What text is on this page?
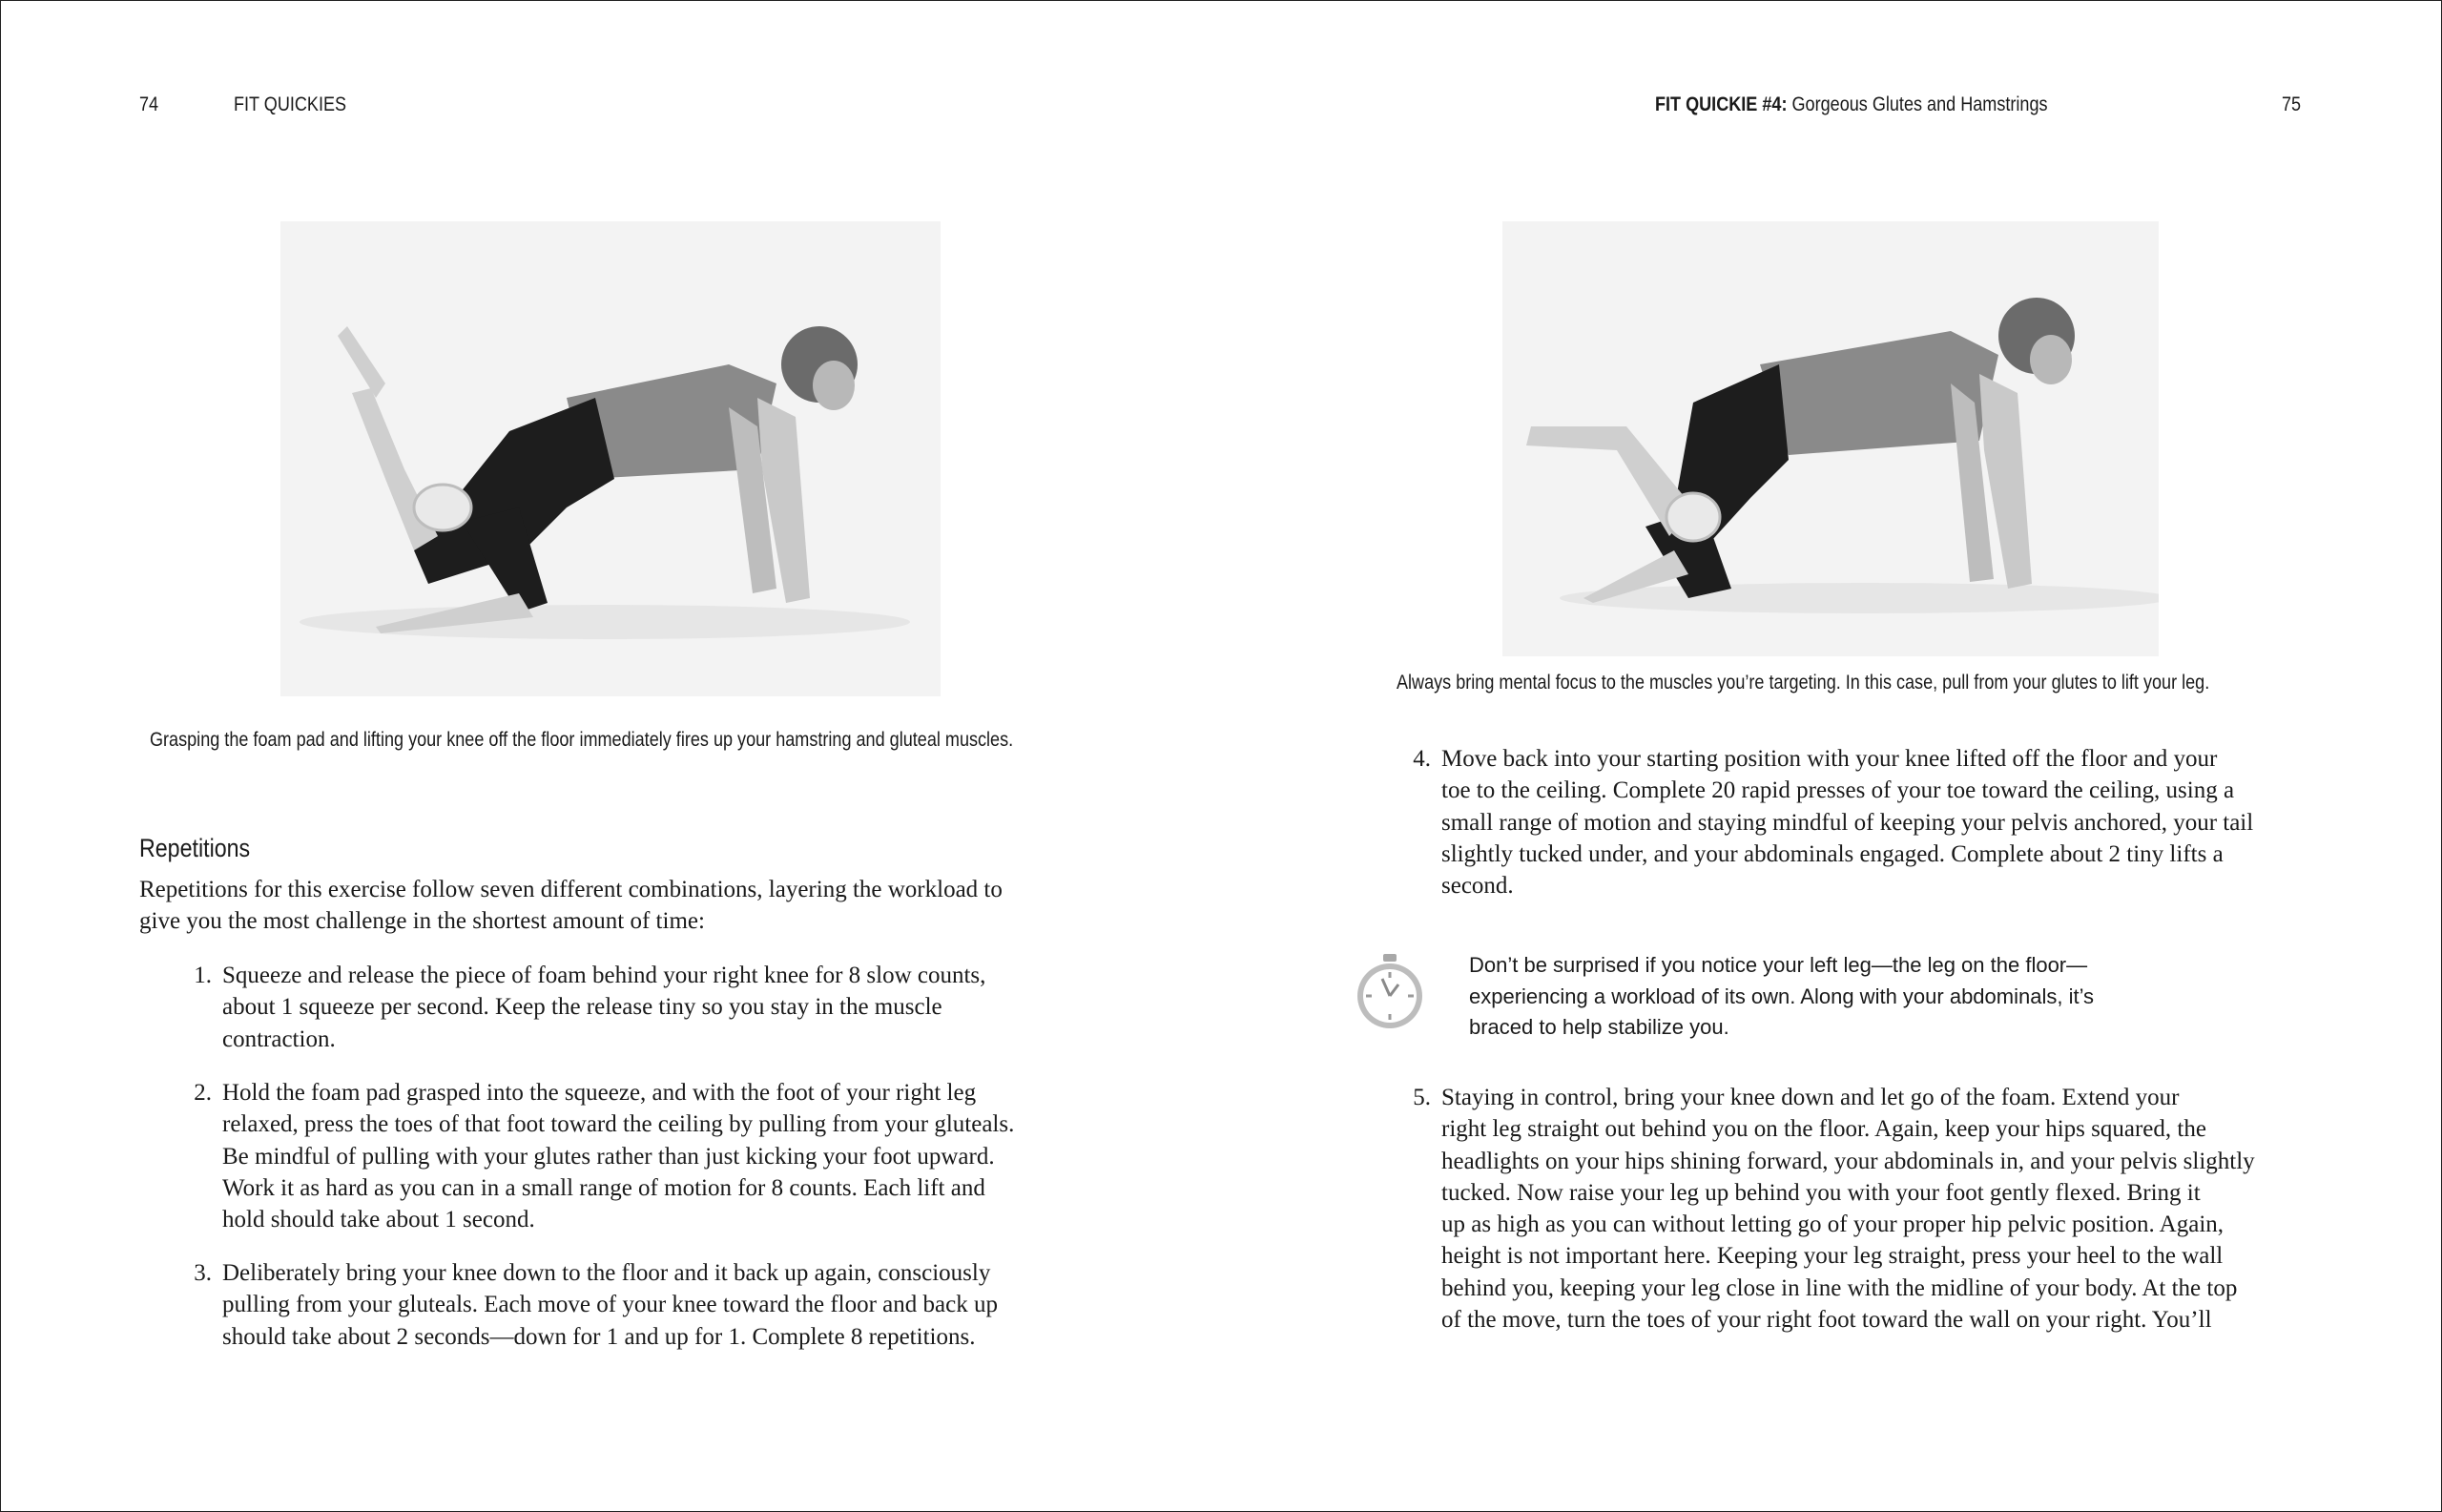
74	FIT QUICKIES
Grasping the foam pad and lifting your knee off the floor immediately fires up your hamstring and gluteal muscles.
Repetitions
Repetitions for this exercise follow seven different combinations, layering the workload to
give you the most challenge in the shortest amount of time:
1. Squeeze and release the piece of foam behind your right knee for 8 slow counts,
about 1 squeeze per second. Keep the release tiny so you stay in the muscle
contraction.
2. Hold the foam pad grasped into the squeeze, and with the foot of your right leg
relaxed, press the toes of that foot toward the ceiling by pulling from your gluteals.
Be mindful of pulling with your glutes rather than just kicking your foot upward.
Work it as hard as you can in a small range of motion for 8 counts. Each lift and
hold should take about 1 second.
3. Deliberately bring your knee down to the floor and it back up again, consciously
pulling from your gluteals. Each move of your knee toward the floor and back up
should take about 2 seconds—down for 1 and up for 1. Complete 8 repetitions.
FIT QUICKIE #4: Gorgeous Glutes and Hamstrings	75
Always bring mental focus to the muscles you’re targeting. In this case, pull from your glutes to lift your leg.
4. Move back into your starting position with your knee lifted off the floor and your
toe to the ceiling. Complete 20 rapid presses of your toe toward the ceiling, using a
small range of motion and staying mindful of keeping your pelvis anchored, your tail
slightly tucked under, and your abdominals engaged. Complete about 2 tiny lifts a
second.
Don’t be surprised if you notice your left leg—the leg on the floor—
experiencing a workload of its own. Along with your abdominals, it’s
braced to help stabilize you.
5. Staying in control, bring your knee down and let go of the foam. Extend your
right leg straight out behind you on the floor. Again, keep your hips squared, the
headlights on your hips shining forward, your abdominals in, and your pelvis slightly
tucked. Now raise your leg up behind you with your foot gently flexed. Bring it
up as high as you can without letting go of your proper hip pelvic position. Again,
height is not important here. Keeping your leg straight, press your heel to the wall
behind you, keeping your leg close in line with the midline of your body. At the top
of the move, turn the toes of your right foot toward the wall on your right. You’ll
